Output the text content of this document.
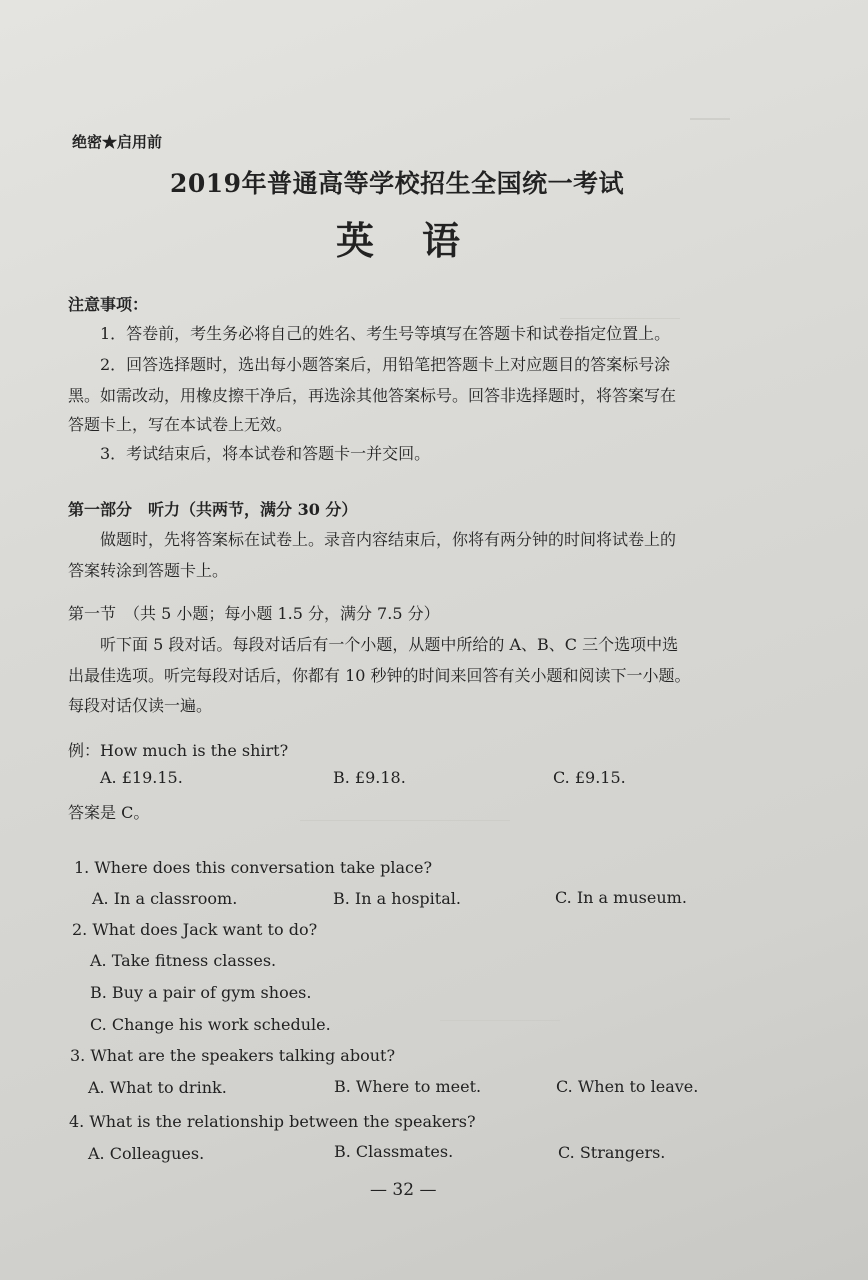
绝密★启用前
2019年普通高等学校招生全国统一考试
英语
注意事项：
1．答卷前，考生务必将自己的姓名、考生号等填写在答题卡和试卷指定位置上。
2．回答选择题时，选出每小题答案后，用铅笔把答题卡上对应题目的答案标号涂
黑。如需改动，用橡皮擦干净后，再选涂其他答案标号。回答非选择题时，将答案写在
答题卡上，写在本试卷上无效。
3．考试结束后，将本试卷和答题卡一并交回。
第一部分　听力（共两节，满分 30 分）
做题时，先将答案标在试卷上。录音内容结束后，你将有两分钟的时间将试卷上的
答案转涂到答题卡上。
第一节　（共 5 小题；每小题 1.5 分，满分 7.5 分）
听下面 5 段对话。每段对话后有一个小题，从题中所给的 A、B、C 三个选项中选
出最佳选项。听完每段对话后，你都有 10 秒钟的时间来回答有关小题和阅读下一小题。
每段对话仅读一遍。
例：How much is the shirt?
A. £19.15.	B. £9.18.	C. £9.15.
答案是 C。
1. Where does this conversation take place?
A. In a classroom.	B. In a hospital.	C. In a museum.
2. What does Jack want to do?
A. Take fitness classes.
B. Buy a pair of gym shoes.
C. Change his work schedule.
3. What are the speakers talking about?
A. What to drink.	B. Where to meet.	C. When to leave.
4. What is the relationship between the speakers?
A. Colleagues.	B. Classmates.	C. Strangers.
— 32 —
